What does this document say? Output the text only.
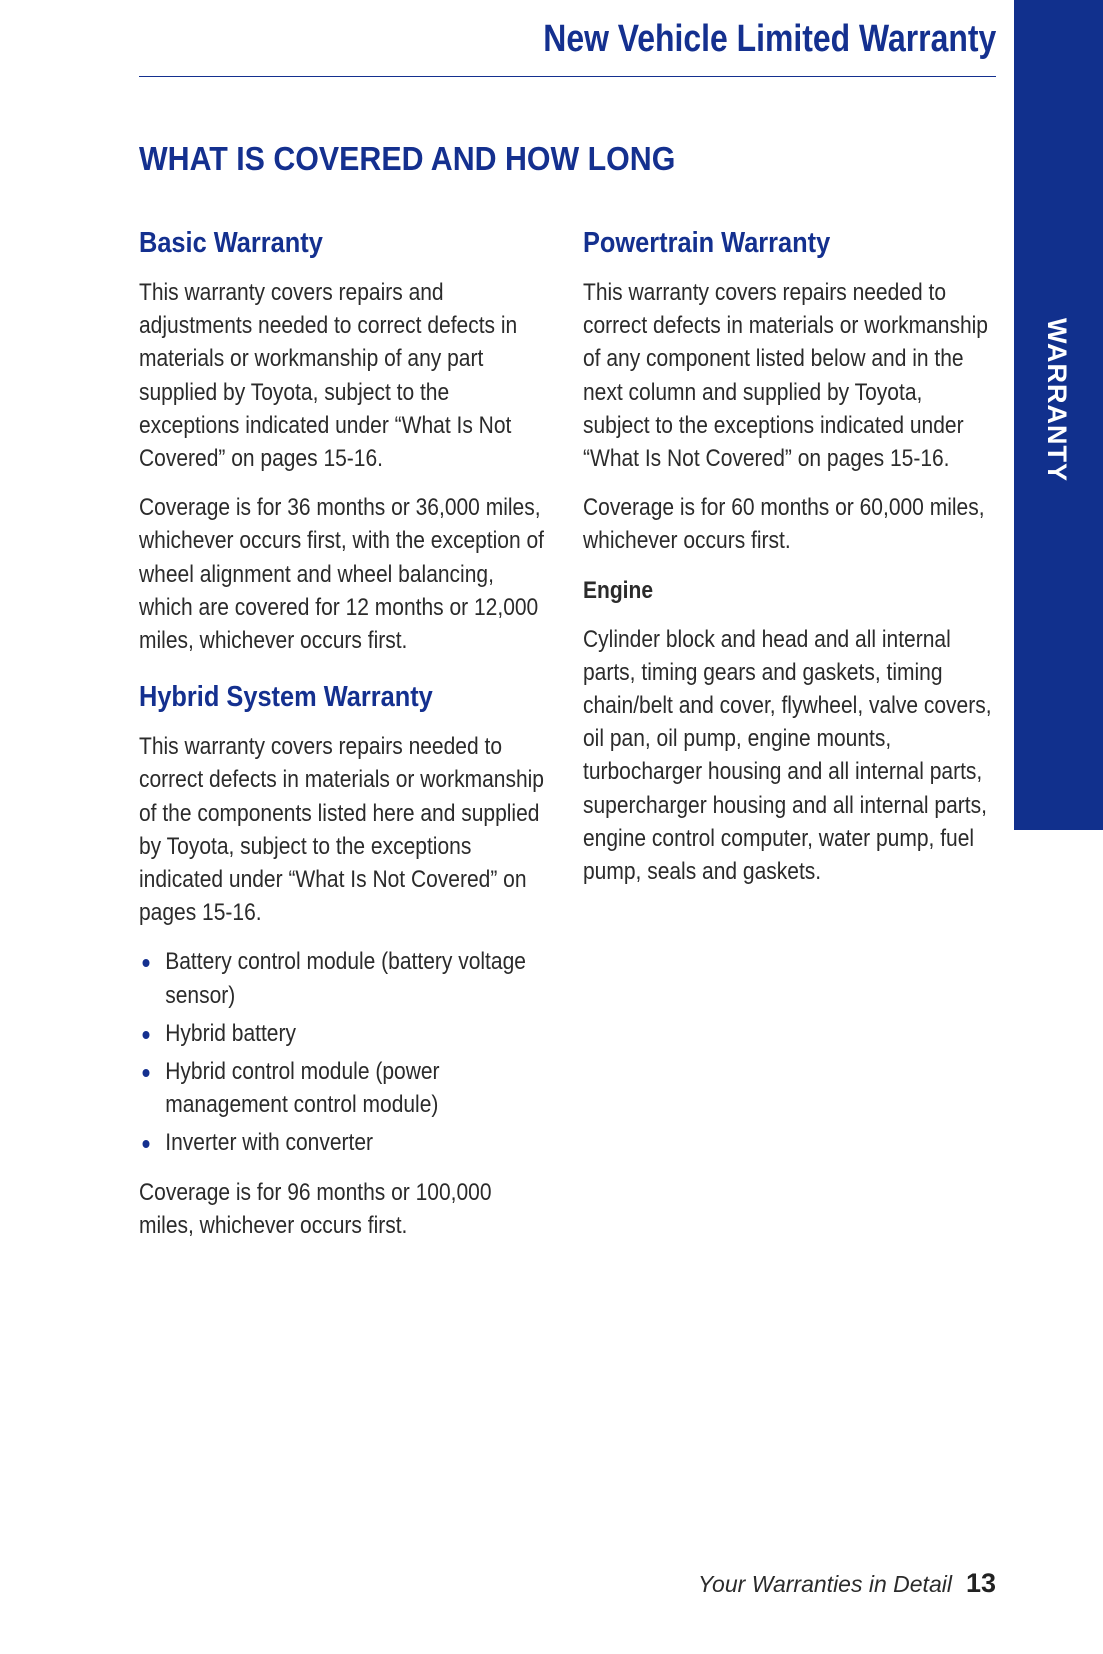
New Vehicle Limited Warranty
WARRANTY
WHAT IS COVERED AND HOW LONG
Basic Warranty

This warranty covers repairs and adjustments needed to correct defects in materials or workmanship of any part supplied by Toyota, subject to the exceptions indicated under “What Is Not Covered” on pages 15-16.

Coverage is for 36 months or 36,000 miles, whichever occurs first, with the exception of wheel alignment and wheel balancing, which are covered for 12 months or 12,000 miles, whichever occurs first.

Hybrid System Warranty

This warranty covers repairs needed to correct defects in materials or workmanship of the components listed here and supplied by Toyota, subject to the exceptions indicated under “What Is Not Covered” on pages 15-16.

Battery control module (battery voltage sensor)
Hybrid battery
Hybrid control module (power management control module)
Inverter with converter

Coverage is for 96 months or 100,000 miles, whichever occurs first.

Powertrain Warranty

This warranty covers repairs needed to correct defects in materials or workmanship of any component listed below and in the next column and supplied by Toyota, subject to the exceptions indicated under “What Is Not Covered” on pages 15-16.

Coverage is for 60 months or 60,000 miles, whichever occurs first.

Engine

Cylinder block and head and all internal parts, timing gears and gaskets, timing chain/belt and cover, flywheel, valve covers, oil pan, oil pump, engine mounts, turbocharger housing and all internal parts, supercharger housing and all internal parts, engine control computer, water pump, fuel pump, seals and gaskets.

Your Warranties in Detail 13
